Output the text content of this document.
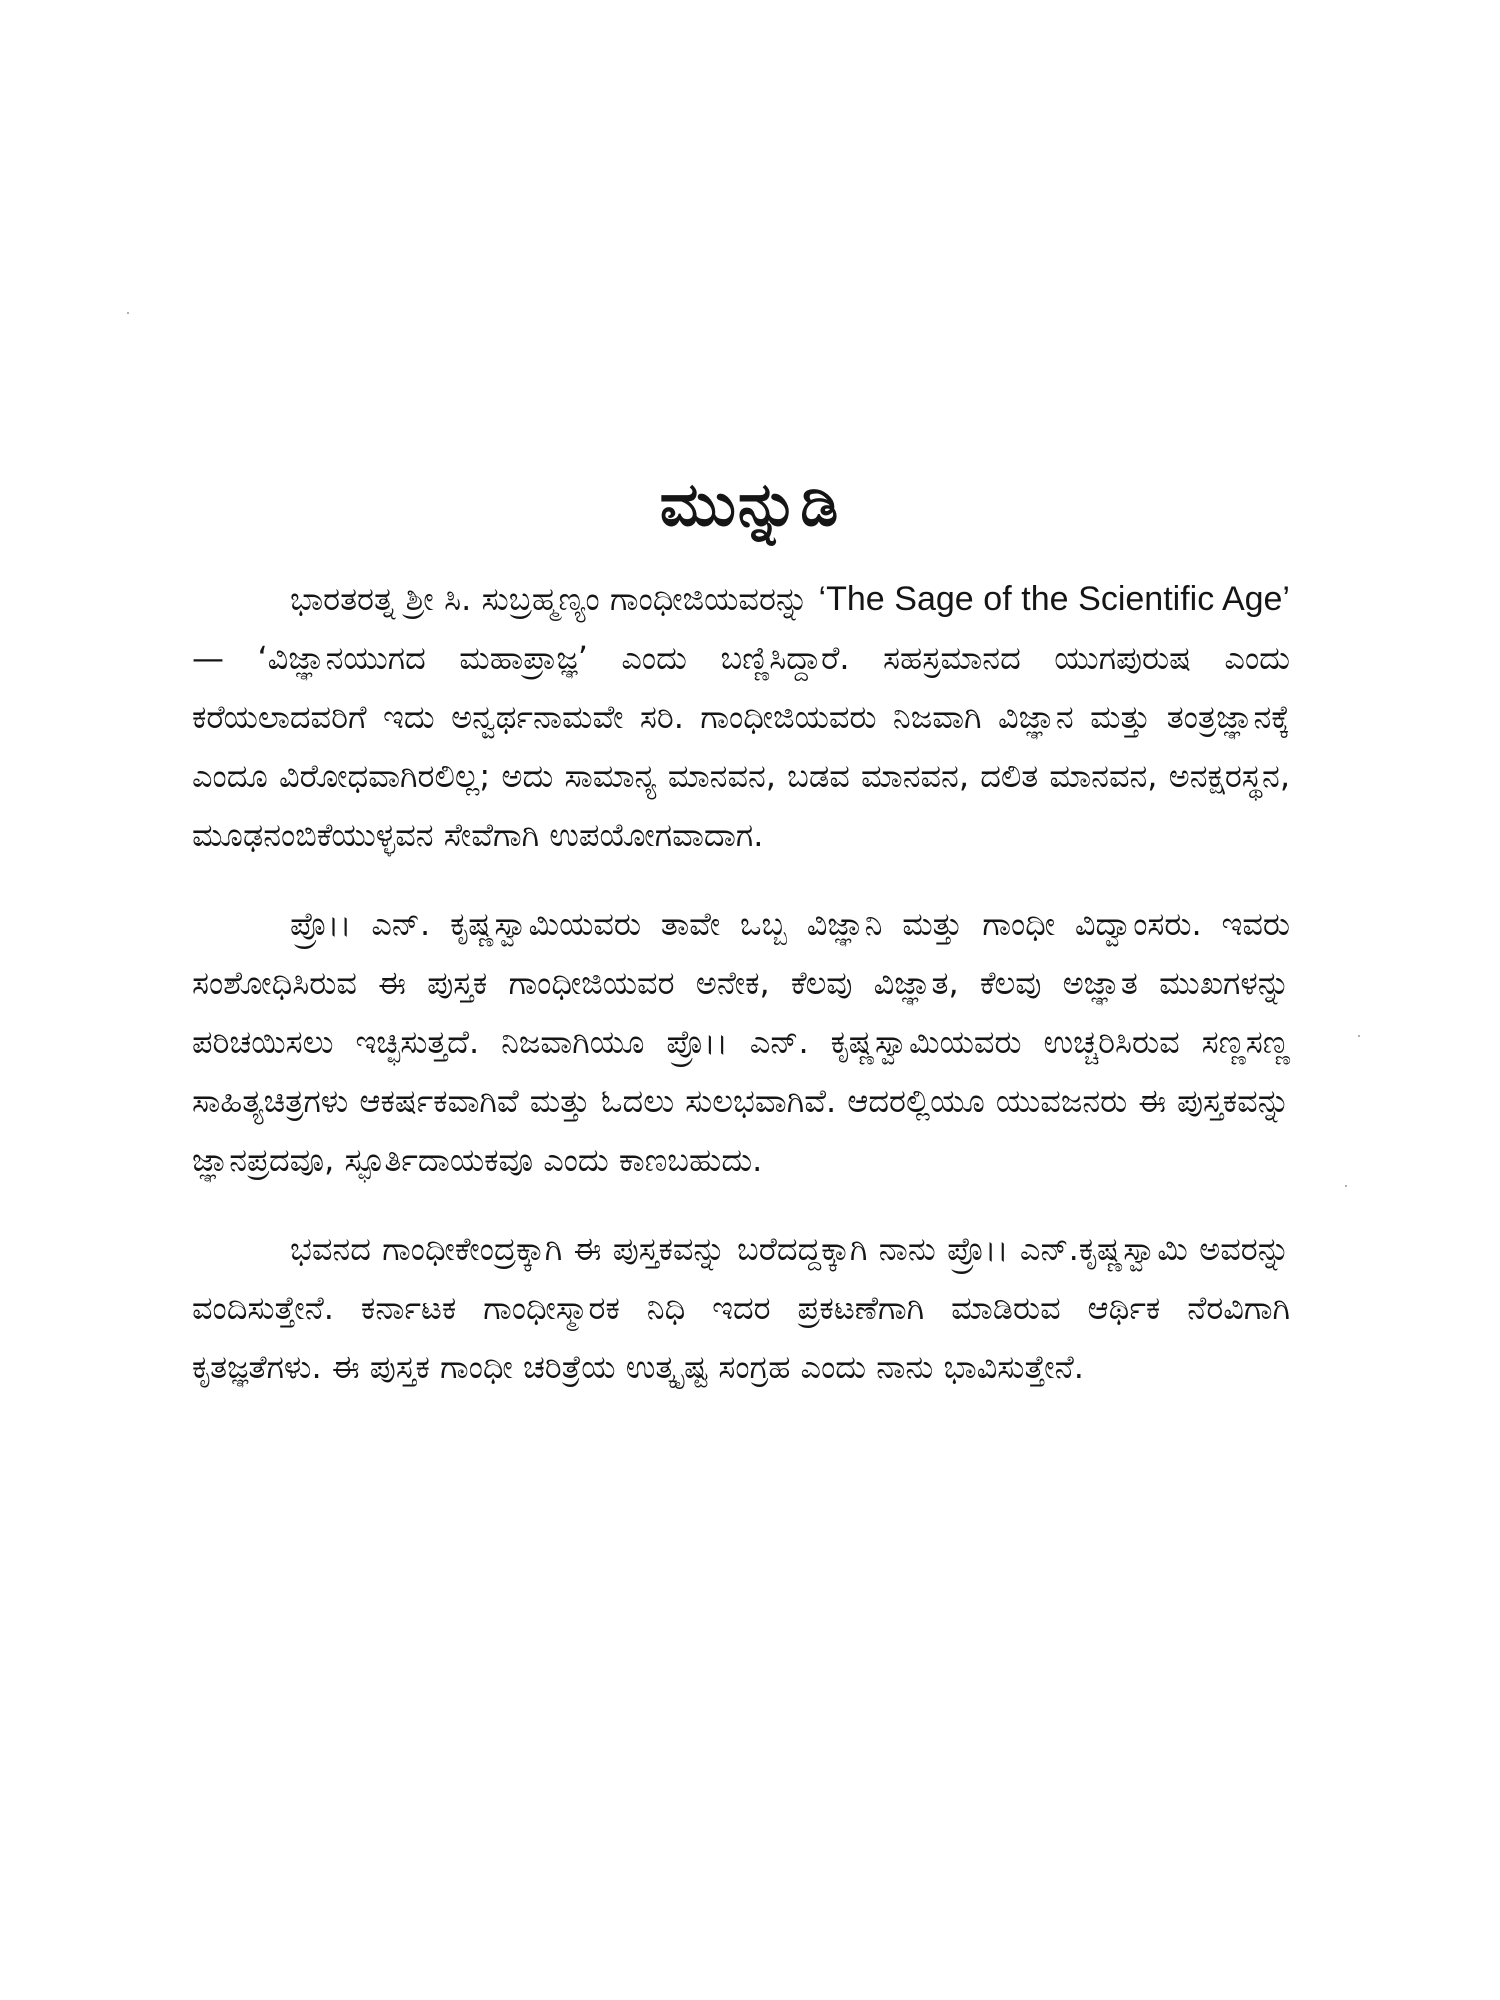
ಮುನ್ನುಡಿ

ಭಾರತರತ್ನ ಶ್ರೀ ಸಿ. ಸುಬ್ರಹ್ಮಣ್ಯಂ ಗಾಂಧೀಜಿಯವರನ್ನು ‘The Sage of the Scientific Age’ — ‘ವಿಜ್ಞಾನಯುಗದ ಮಹಾಪ್ರಾಜ್ಞ’ ಎಂದು ಬಣ್ಣಿಸಿದ್ದಾರೆ. ಸಹಸ್ರಮಾನದ ಯುಗಪುರುಷ ಎಂದು ಕರೆಯಲಾದವರಿಗೆ ಇದು ಅನ್ವರ್ಥನಾಮವೇ ಸರಿ. ಗಾಂಧೀಜಿಯವರು ನಿಜವಾಗಿ ವಿಜ್ಞಾನ ಮತ್ತು ತಂತ್ರಜ್ಞಾನಕ್ಕೆ ಎಂದೂ ವಿರೋಧವಾಗಿರಲಿಲ್ಲ; ಅದು ಸಾಮಾನ್ಯ ಮಾನವನ, ಬಡವ ಮಾನವನ, ದಲಿತ ಮಾನವನ, ಅನಕ್ಷರಸ್ಥನ, ಮೂಢನಂಬಿಕೆಯುಳ್ಳವನ ಸೇವೆಗಾಗಿ ಉಪಯೋಗವಾದಾಗ.

ಪ್ರೊ।। ಎನ್. ಕೃಷ್ಣಸ್ವಾಮಿಯವರು ತಾವೇ ಒಬ್ಬ ವಿಜ್ಞಾನಿ ಮತ್ತು ಗಾಂಧೀ ವಿದ್ವಾಂಸರು. ಇವರು ಸಂಶೋಧಿಸಿರುವ ಈ ಪುಸ್ತಕ ಗಾಂಧೀಜಿಯವರ ಅನೇಕ, ಕೆಲವು ವಿಜ್ಞಾತ, ಕೆಲವು ಅಜ್ಞಾತ ಮುಖಗಳನ್ನು ಪರಿಚಯಿಸಲು ಇಚ್ಛಿಸುತ್ತದೆ. ನಿಜವಾಗಿಯೂ ಪ್ರೊ।। ಎನ್. ಕೃಷ್ಣಸ್ವಾಮಿಯವರು ಉಚ್ಚರಿಸಿರುವ ಸಣ್ಣಸಣ್ಣ ಸಾಹಿತ್ಯಚಿತ್ರಗಳು ಆಕರ್ಷಕವಾಗಿವೆ ಮತ್ತು ಓದಲು ಸುಲಭವಾಗಿವೆ. ಆದರಲ್ಲಿಯೂ ಯುವಜನರು ಈ ಪುಸ್ತಕವನ್ನು ಜ್ಞಾನಪ್ರದವೂ, ಸ್ಫೂರ್ತಿದಾಯಕವೂ ಎಂದು ಕಾಣಬಹುದು.

ಭವನದ ಗಾಂಧೀಕೇಂದ್ರಕ್ಕಾಗಿ ಈ ಪುಸ್ತಕವನ್ನು ಬರೆದದ್ದಕ್ಕಾಗಿ ನಾನು ಪ್ರೊ।। ಎನ್.ಕೃಷ್ಣಸ್ವಾಮಿ ಅವರನ್ನು ವಂದಿಸುತ್ತೇನೆ. ಕರ್ನಾಟಕ ಗಾಂಧೀಸ್ಮಾರಕ ನಿಧಿ ಇದರ ಪ್ರಕಟಣೆಗಾಗಿ ಮಾಡಿರುವ ಆರ್ಥಿಕ ನೆರವಿಗಾಗಿ ಕೃತಜ್ಞತೆಗಳು. ಈ ಪುಸ್ತಕ ಗಾಂಧೀ ಚರಿತ್ರೆಯ ಉತ್ಕೃಷ್ಟ ಸಂಗ್ರಹ ಎಂದು ನಾನು ಭಾವಿಸುತ್ತೇನೆ.
